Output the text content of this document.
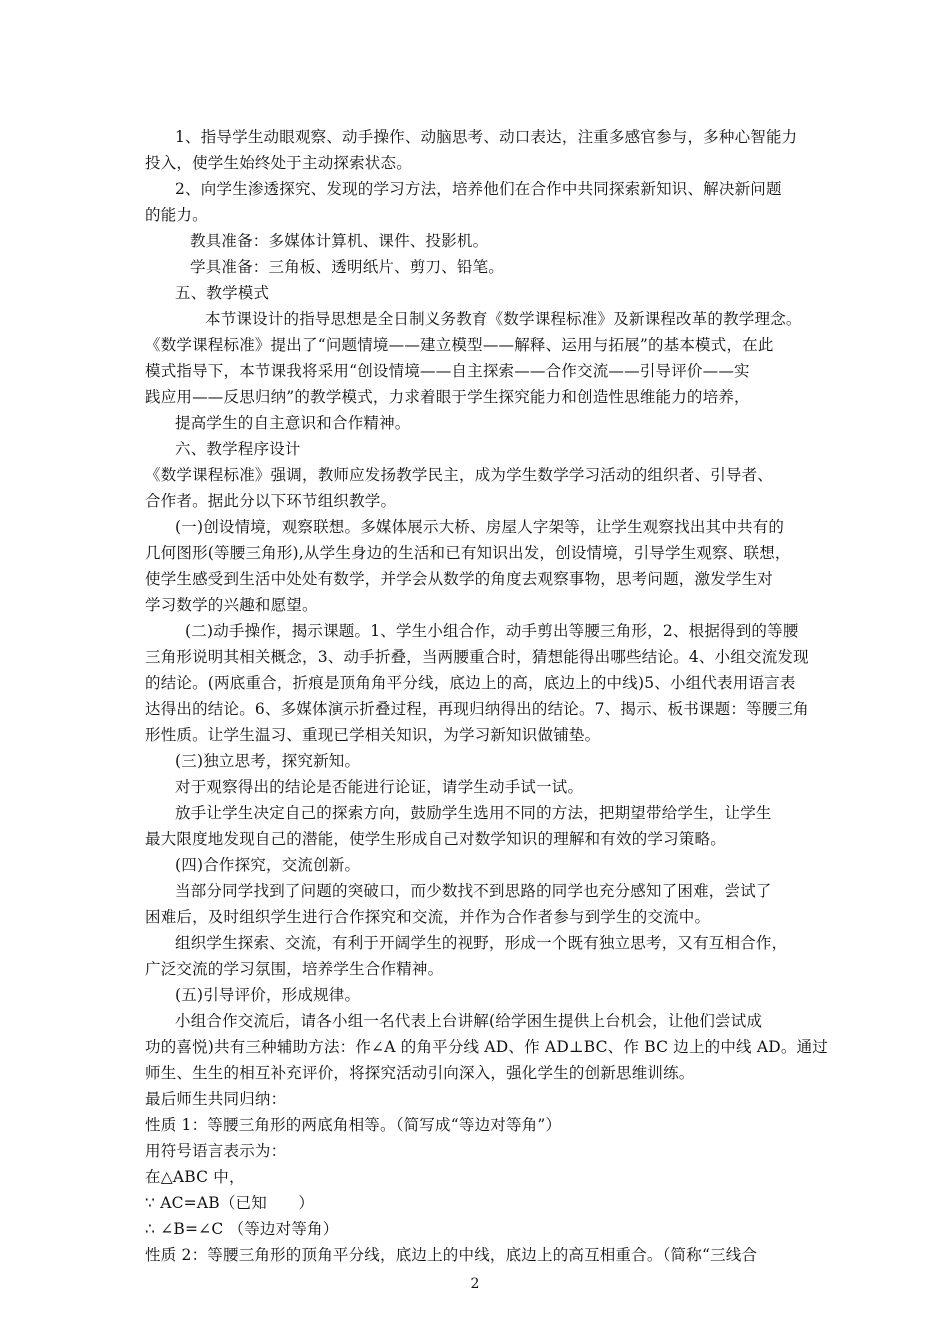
1、指导学生动眼观察、动手操作、动脑思考、动口表达，注重多感官参与，多种心智能力
投入，使学生始终处于主动探索状态。
2、向学生渗透探究、发现的学习方法，培养他们在合作中共同探索新知识、解决新问题
的能力。
教具准备：多媒体计算机、课件、投影机。
学具准备：三角板、透明纸片、剪刀、铅笔。
五、教学模式
本节课设计的指导思想是全日制义务教育《数学课程标准》及新课程改革的教学理念。
《数学课程标准》提出了“问题情境——建立模型——解释、运用与拓展”的基本模式，在此
模式指导下，本节课我将采用“创设情境——自主探索——合作交流——引导评价——实
践应用——反思归纳”的教学模式，力求着眼于学生探究能力和创造性思维能力的培养，
提高学生的自主意识和合作精神。
六、教学程序设计
《数学课程标准》强调，教师应发扬教学民主，成为学生数学学习活动的组织者、引导者、
合作者。据此分以下环节组织教学。
(一)创设情境，观察联想。多媒体展示大桥、房屋人字架等，让学生观察找出其中共有的
几何图形(等腰三角形),从学生身边的生活和已有知识出发，创设情境，引导学生观察、联想，
使学生感受到生活中处处有数学，并学会从数学的角度去观察事物，思考问题，激发学生对
学习数学的兴趣和愿望。
(二)动手操作，揭示课题。1、学生小组合作，动手剪出等腰三角形，2、根据得到的等腰
三角形说明其相关概念，3、动手折叠，当两腰重合时，猜想能得出哪些结论。4、小组交流发现
的结论。(两底重合，折痕是顶角角平分线，底边上的高，底边上的中线)5、小组代表用语言表
达得出的结论。6、多媒体演示折叠过程，再现归纳得出的结论。7、揭示、板书课题：等腰三角
形性质。让学生温习、重现已学相关知识，为学习新知识做铺垫。
(三)独立思考，探究新知。
对于观察得出的结论是否能进行论证，请学生动手试一试。
放手让学生决定自己的探索方向，鼓励学生选用不同的方法，把期望带给学生，让学生
最大限度地发现自己的潜能，使学生形成自己对数学知识的理解和有效的学习策略。
(四)合作探究，交流创新。
当部分同学找到了问题的突破口，而少数找不到思路的同学也充分感知了困难，尝试了
困难后，及时组织学生进行合作探究和交流，并作为合作者参与到学生的交流中。
组织学生探索、交流，有利于开阔学生的视野，形成一个既有独立思考，又有互相合作，
广泛交流的学习氛围，培养学生合作精神。
(五)引导评价，形成规律。
小组合作交流后，请各小组一名代表上台讲解(给学困生提供上台机会，让他们尝试成
功的喜悦)共有三种辅助方法：作∠A 的角平分线 AD、作 AD⊥BC、作 BC 边上的中线 AD。通过
师生、生生的相互补充评价，将探究活动引向深入，强化学生的创新思维训练。
最后师生共同归纳：
性质 1：等腰三角形的两底角相等。（简写成“等边对等角”）
用符号语言表示为：
在△ABC 中，
∵ AC=AB（已知　　）
∴ ∠B=∠C （等边对等角）
性质 2：等腰三角形的顶角平分线，底边上的中线，底边上的高互相重合。（简称“三线合
2
